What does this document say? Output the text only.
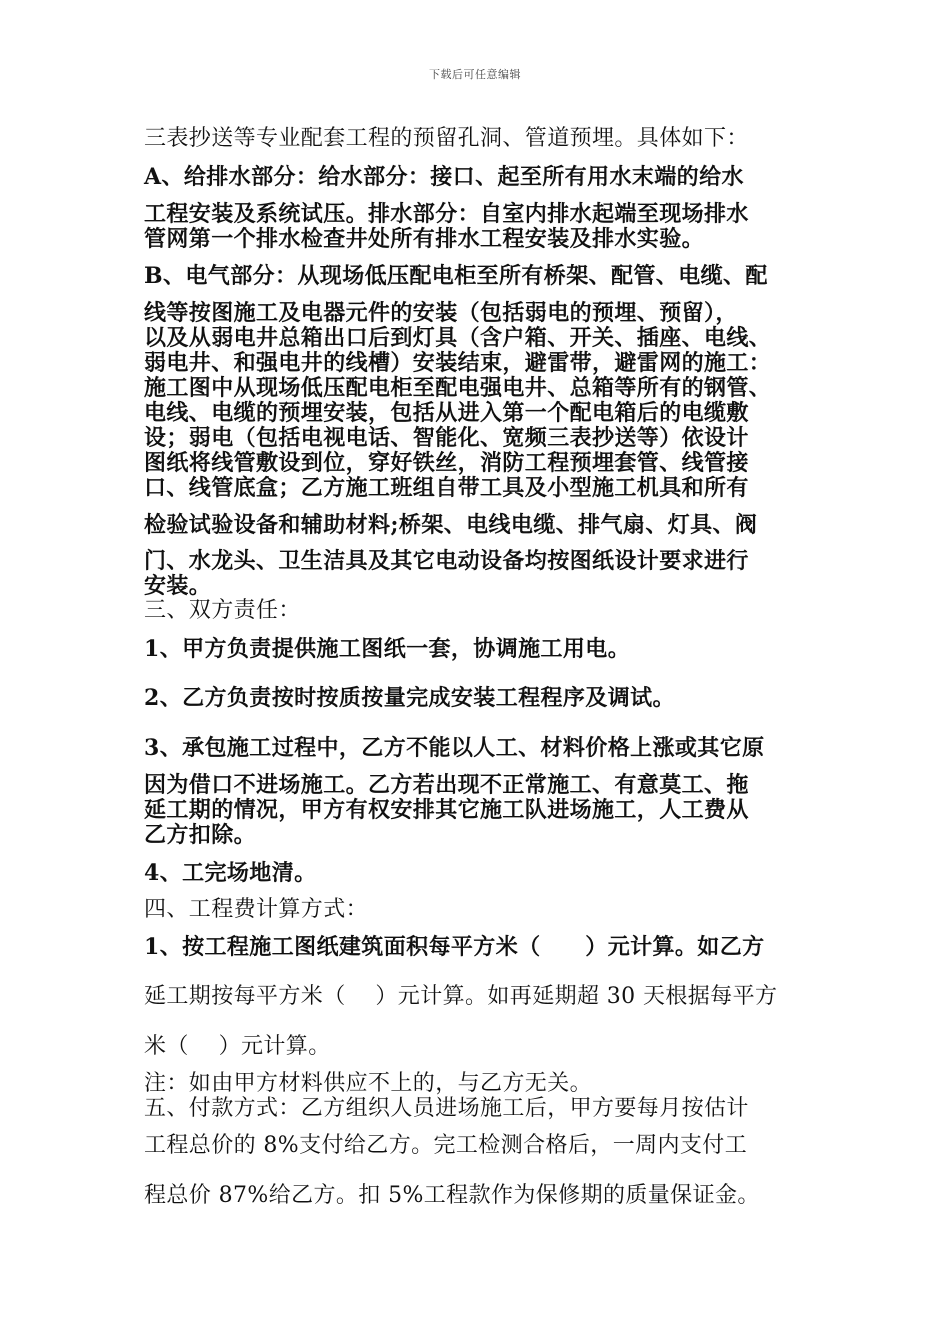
下载后可任意编辑
三表抄送等专业配套工程的预留孔洞、管道预埋。具体如下：
A、给排水部分：给水部分：接口、起至所有用水末端的给水
工程安装及系统试压。排水部分：自室内排水起端至现场排水
管网第一个排水检查井处所有排水工程安装及排水实验。
B、电气部分：从现场低压配电柜至所有桥架、配管、电缆、配
线等按图施工及电器元件的安装（包括弱电的预埋、预留），
以及从弱电井总箱出口后到灯具（含户箱、开关、插座、电线、
弱电井、和强电井的线槽）安装结束，避雷带，避雷网的施工：
施工图中从现场低压配电柜至配电强电井、总箱等所有的钢管、
电线、电缆的预埋安装，包括从进入第一个配电箱后的电缆敷
设；弱电（包括电视电话、智能化、宽频三表抄送等）依设计
图纸将线管敷设到位，穿好铁丝，消防工程预埋套管、线管接
口、线管底盒；乙方施工班组自带工具及小型施工机具和所有
检验试验设备和辅助材料;桥架、电线电缆、排气扇、灯具、阀
门、水龙头、卫生洁具及其它电动设备均按图纸设计要求进行
安装。
三、双方责任：
1、甲方负责提供施工图纸一套，协调施工用电。
2、乙方负责按时按质按量完成安装工程程序及调试。
3、承包施工过程中，乙方不能以人工、材料价格上涨或其它原
因为借口不进场施工。乙方若出现不正常施工、有意莫工、拖
延工期的情况，甲方有权安排其它施工队进场施工，人工费从
乙方扣除。
4、工完场地清。
四、工程费计算方式：
1、按工程施工图纸建筑面积每平方米（　　）元计算。如乙方
延工期按每平方米（　 ）元计算。如再延期超 30 天根据每平方
米（　 ）元计算。
注：如由甲方材料供应不上的，与乙方无关。
五、付款方式：乙方组织人员进场施工后，甲方要每月按估计
工程总价的 8%支付给乙方。完工检测合格后，一周内支付工
程总价 87%给乙方。扣 5%工程款作为保修期的质量保证金。
